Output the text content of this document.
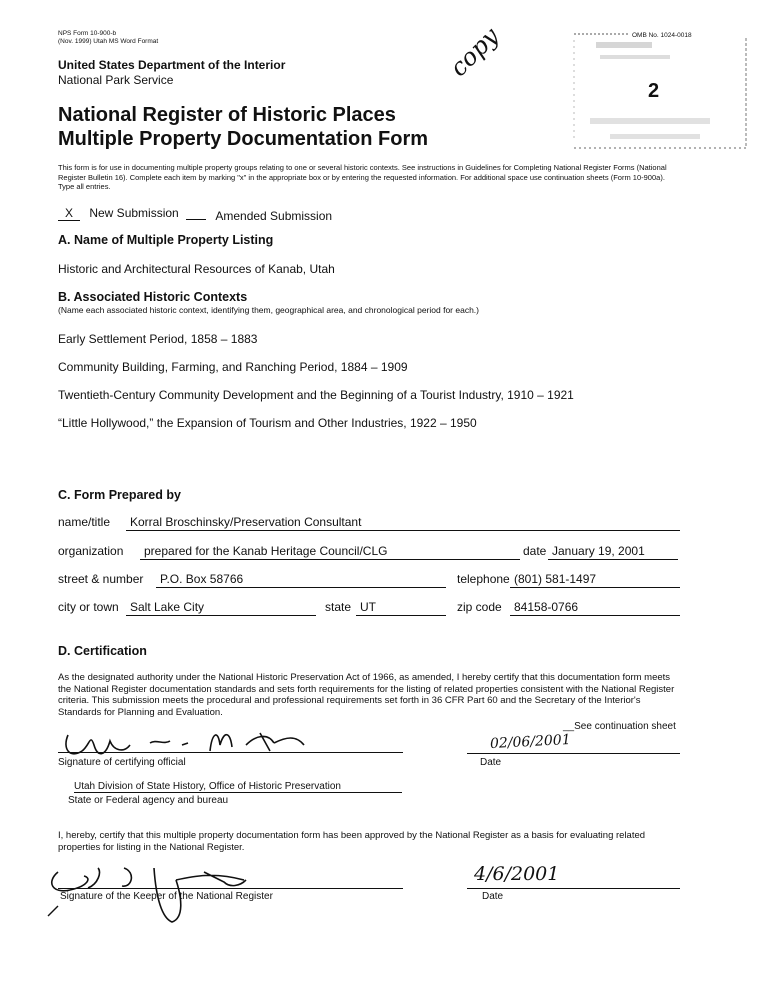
NPS Form 10-900-b
(Nov. 1999) Utah MS Word Format
United States Department of the Interior
National Park Service
National Register of Historic Places
Multiple Property Documentation Form
copy	OMB No. 1024-0018
2
This form is for use in documenting multiple property groups relating to one or several historic contexts. See instructions in Guidelines for Completing National Register Forms (National Register Bulletin 16). Complete each item by marking "x" in the appropriate box or by entering the requested information. For additional space use continuation sheets (Form 10-900a). Type all entries.
X New Submission	Amended Submission
A. Name of Multiple Property Listing
Historic and Architectural Resources of Kanab, Utah
B. Associated Historic Contexts
(Name each associated historic context, identifying them, geographical area, and chronological period for each.)
Early Settlement Period, 1858 – 1883
Community Building, Farming, and Ranching Period, 1884 – 1909
Twentieth-Century Community Development and the Beginning of a Tourist Industry, 1910 – 1921
“Little Hollywood,” the Expansion of Tourism and Other Industries, 1922 – 1950
C. Form Prepared by
name/title	Korral Broschinsky/Preservation Consultant
organization	prepared for the Kanab Heritage Council/CLG	date January 19, 2001
street & number	P.O. Box 58766	telephone (801) 581-1497
city or town Salt Lake City	state UT	zip code	84158-0766
D. Certification
As the designated authority under the National Historic Preservation Act of 1966, as amended, I hereby certify that this documentation form meets the National Register documentation standards and sets forth requirements for the listing of related properties consistent with the National Register criteria. This submission meets the procedural and professional requirements set forth in 36 CFR Part 60 and the Secretary of the Interior's Standards for Planning and Evaluation.
__See continuation sheet
Signature of certifying official
02/06/2001
Date
Utah Division of State History, Office of Historic Preservation
State or Federal agency and bureau
I, hereby, certify that this multiple property documentation form has been approved by the National Register as a basis for evaluating related properties for listing in the National Register.
Signature of the Keeper of the National Register
4/6/2001
Date
